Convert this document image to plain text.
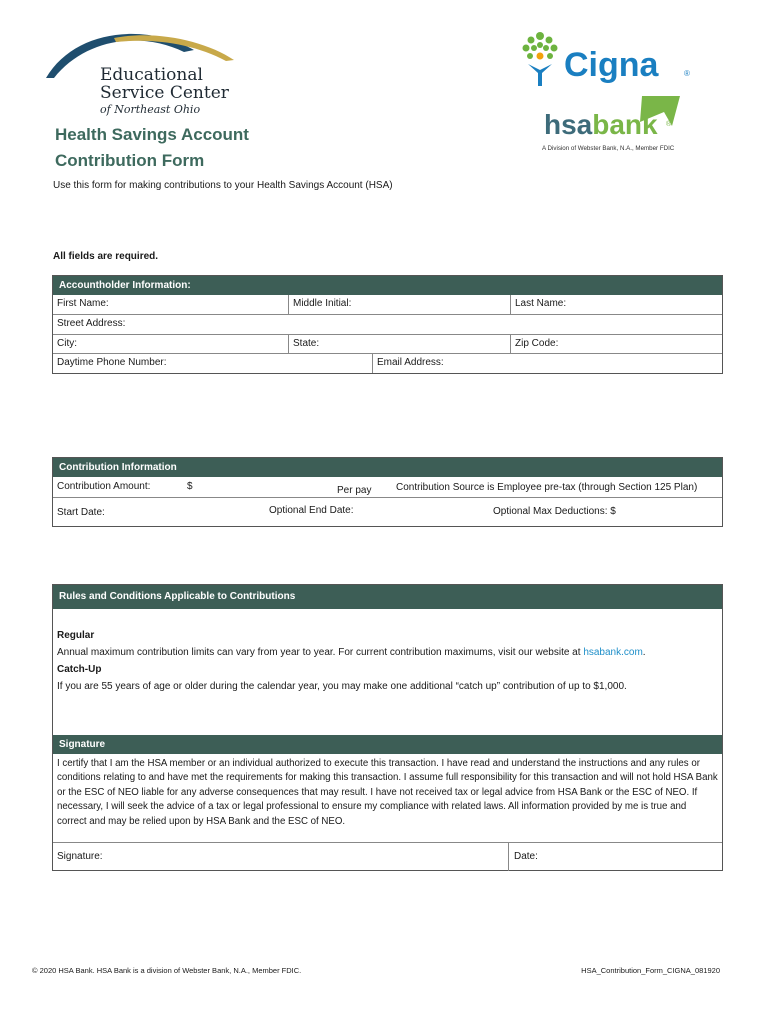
Educational
Service Center
of Northeast Ohio
Cigna	®
hsabank ®
A Division of Webster Bank, N.A., Member FDIC
Health Savings Account
Contribution Form
Use this form for making contributions to your Health Savings Account (HSA)
All fields are required.
Accountholder Information:
First Name:	Middle Initial:	Last Name:
Street Address:
City:	State:	Zip Code:
Daytime Phone Number:	Email Address:
Contribution Information
Contribution Amount:	$	Per pay Contribution Source is Employee pre-tax (through Section 125 Plan)
Start Date:	Optional End Date:	Optional Max Deductions: $
Rules and Conditions Applicable to Contributions
Regular
Annual maximum contribution limits can vary from year to year. For current contribution maximums, visit our website at hsabank.com.
Catch-Up
If you are 55 years of age or older during the calendar year, you may make one additional “catch up” contribution of up to $1,000.
Signature
I certify that I am the HSA member or an individual authorized to execute this transaction. I have read and understand the instructions and any rules or conditions relating to and have met the requirements for making this transaction. I assume full responsibility for this transaction and will not hold HSA Bank or the ESC of NEO liable for any adverse consequences that may result. I have not received tax or legal advice from HSA Bank or the ESC of NEO. If necessary, I will seek the advice of a tax or legal professional to ensure my compliance with related laws. All information provided by me is true and correct and may be relied upon by HSA Bank and the ESC of NEO.
Signature:	Date:
© 2020 HSA Bank. HSA Bank is a division of Webster Bank, N.A., Member FDIC.	HSA_Contribution_Form_CIGNA_081920
